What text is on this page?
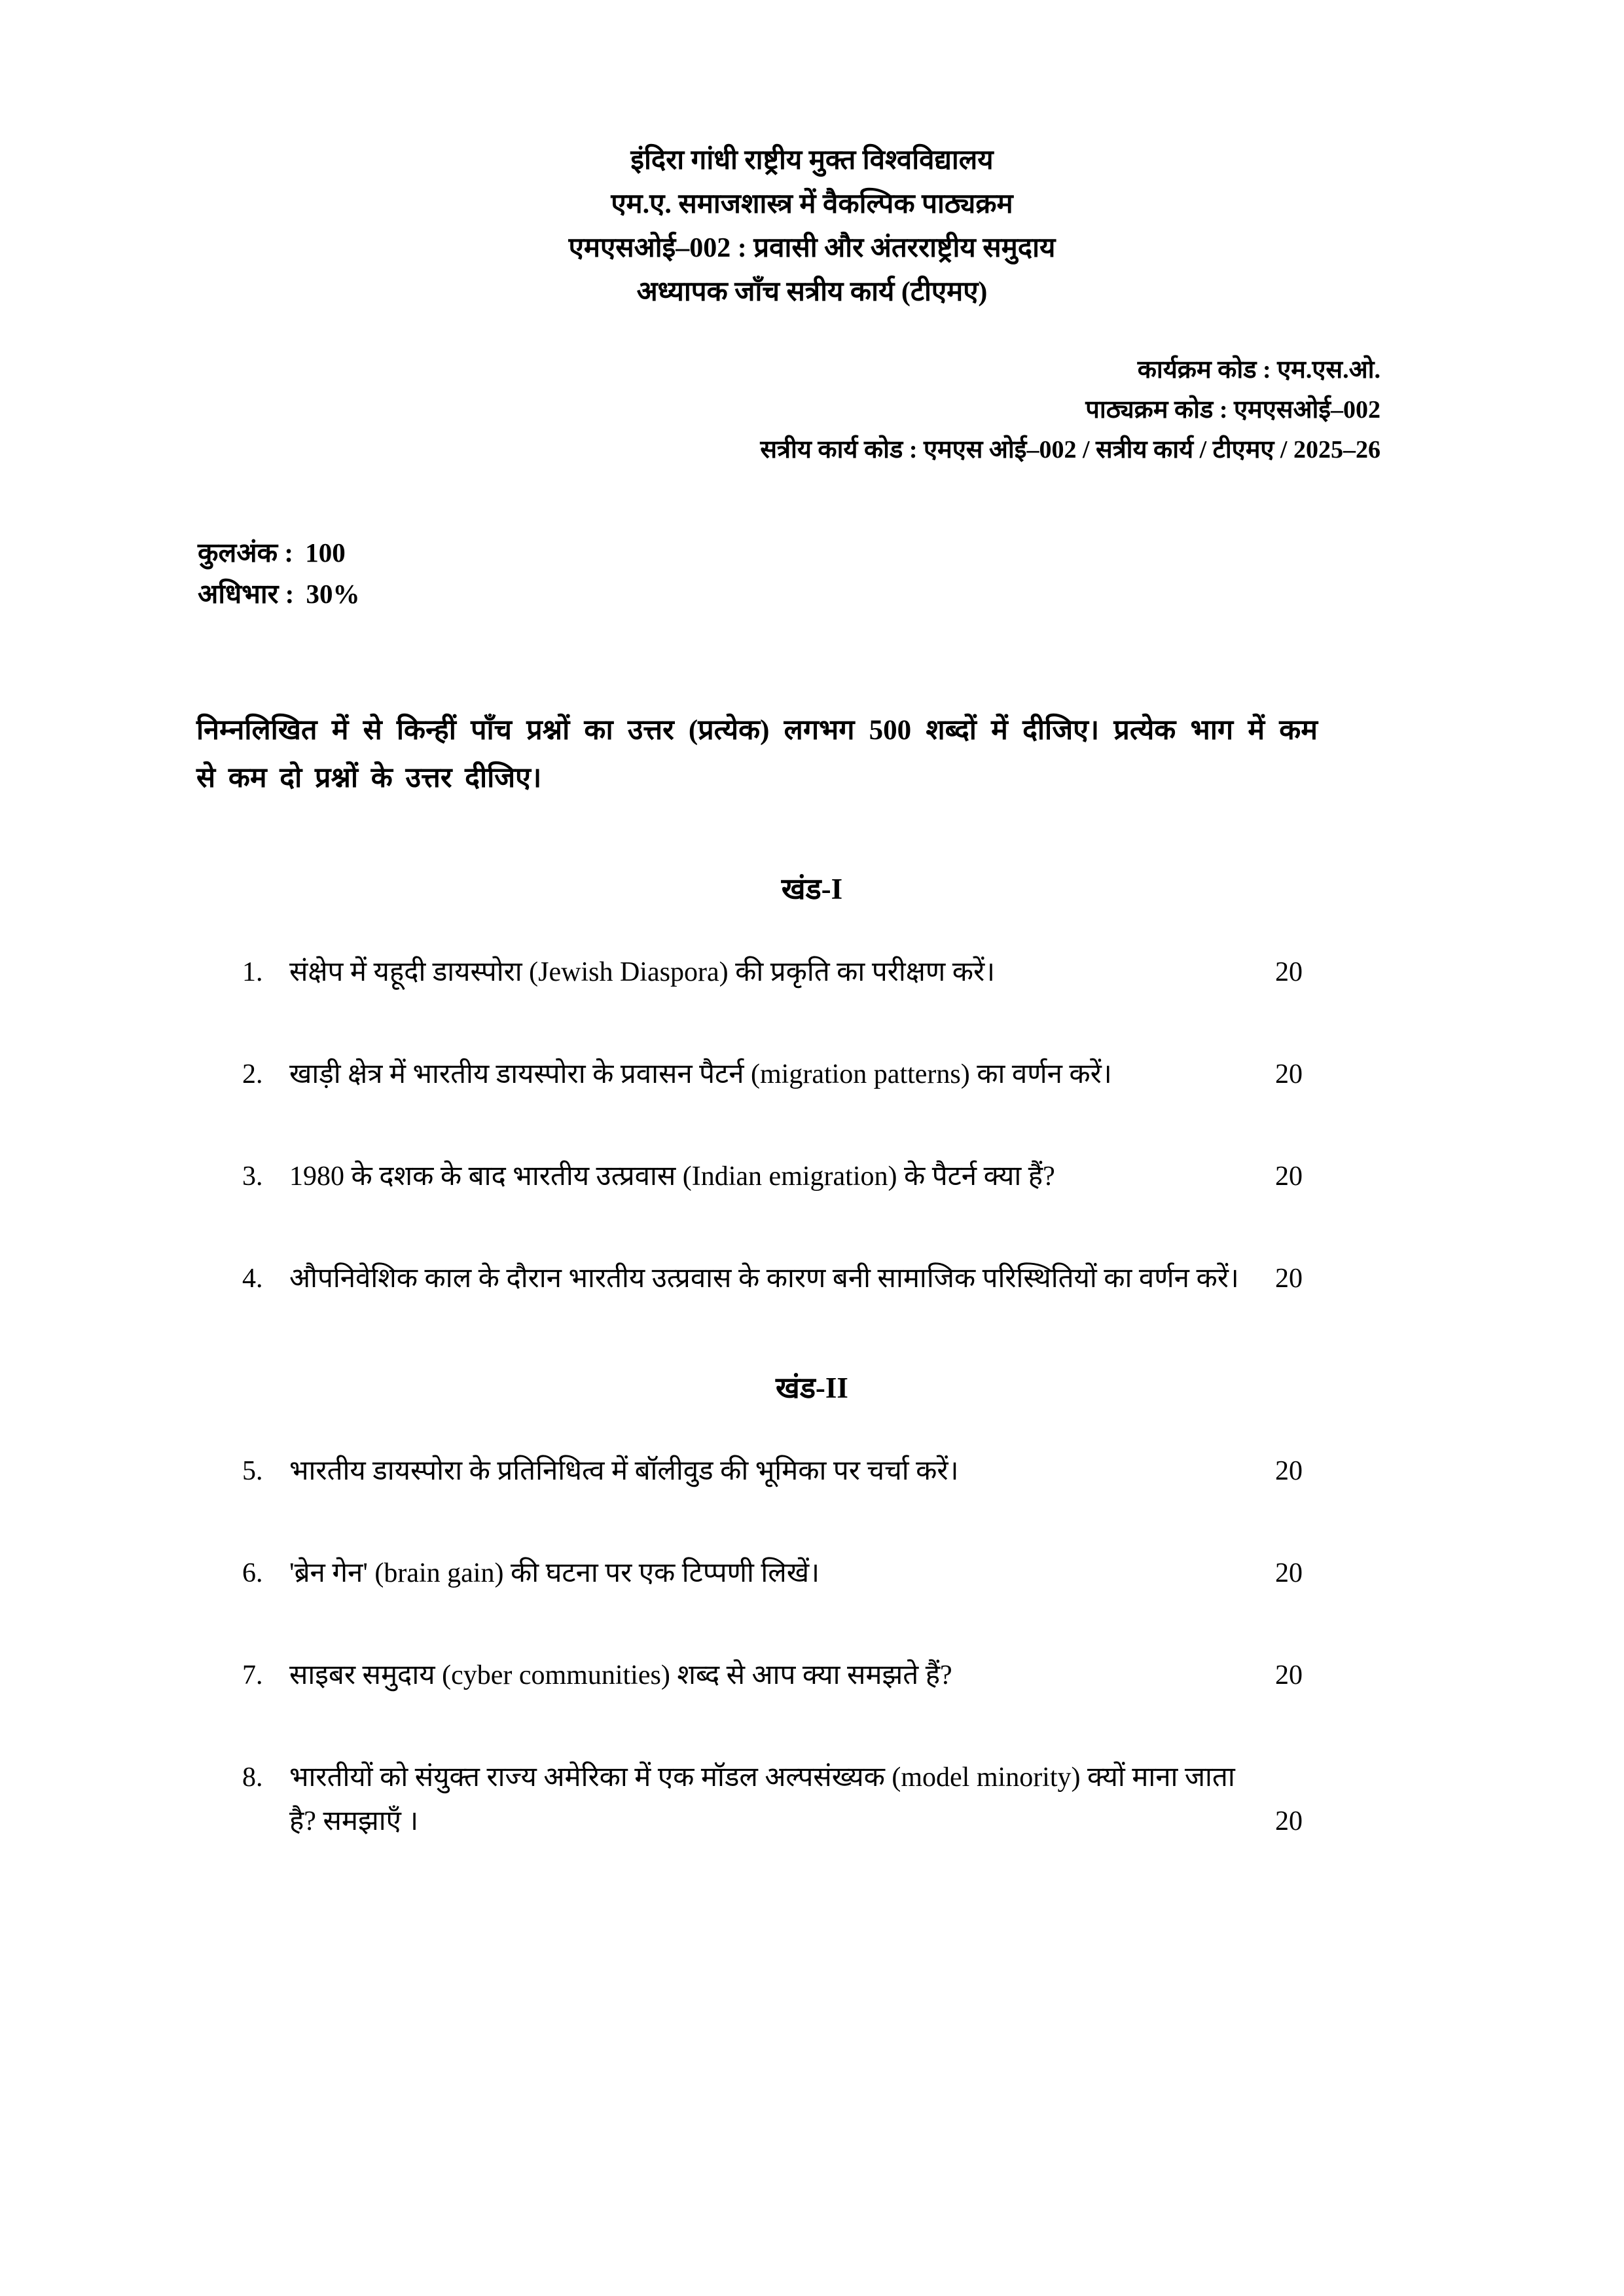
इंदिरा गांधी राष्ट्रीय मुक्त विश्वविद्यालय
एम.ए. समाजशास्त्र में वैकल्पिक पाठ्यक्रम
एमएसओई–002 : प्रवासी और अंतरराष्ट्रीय समुदाय
अध्यापक जाँच सत्रीय कार्य (टीएमए)
कार्यक्रम कोड : एम.एस.ओ.
पाठ्यक्रम कोड : एमएसओई–002
सत्रीय कार्य कोड : एमएस ओई–002 / सत्रीय कार्य / टीएमए / 2025–26
कुलअंक : 100
अधिभार : 30%
निम्नलिखित में से किन्हीं पाँच प्रश्नों का उत्तर (प्रत्येक) लगभग 500 शब्दों में दीजिए। प्रत्येक भाग में कम से कम दो प्रश्नों के उत्तर दीजिए।
खंड-I
1. संक्षेप में यहूदी डायस्पोरा (Jewish Diaspora) की प्रकृति का परीक्षण करें।	20
2. खाड़ी क्षेत्र में भारतीय डायस्पोरा के प्रवासन पैटर्न (migration patterns) का वर्णन करें।	20
3. 1980 के दशक के बाद भारतीय उत्प्रवास (Indian emigration) के पैटर्न क्या हैं?	20
4. औपनिवेशिक काल के दौरान भारतीय उत्प्रवास के कारण बनी सामाजिक परिस्थितियों का वर्णन करें।	20
खंड-II
5. भारतीय डायस्पोरा के प्रतिनिधित्व में बॉलीवुड की भूमिका पर चर्चा करें।	20
6. 'ब्रेन गेन' (brain gain) की घटना पर एक टिप्पणी लिखें।	20
7. साइबर समुदाय (cyber communities) शब्द से आप क्या समझते हैं?	20
8. भारतीयों को संयुक्त राज्य अमेरिका में एक मॉडल अल्पसंख्यक (model minority) क्यों माना जाता है? समझाएँ ।	20
